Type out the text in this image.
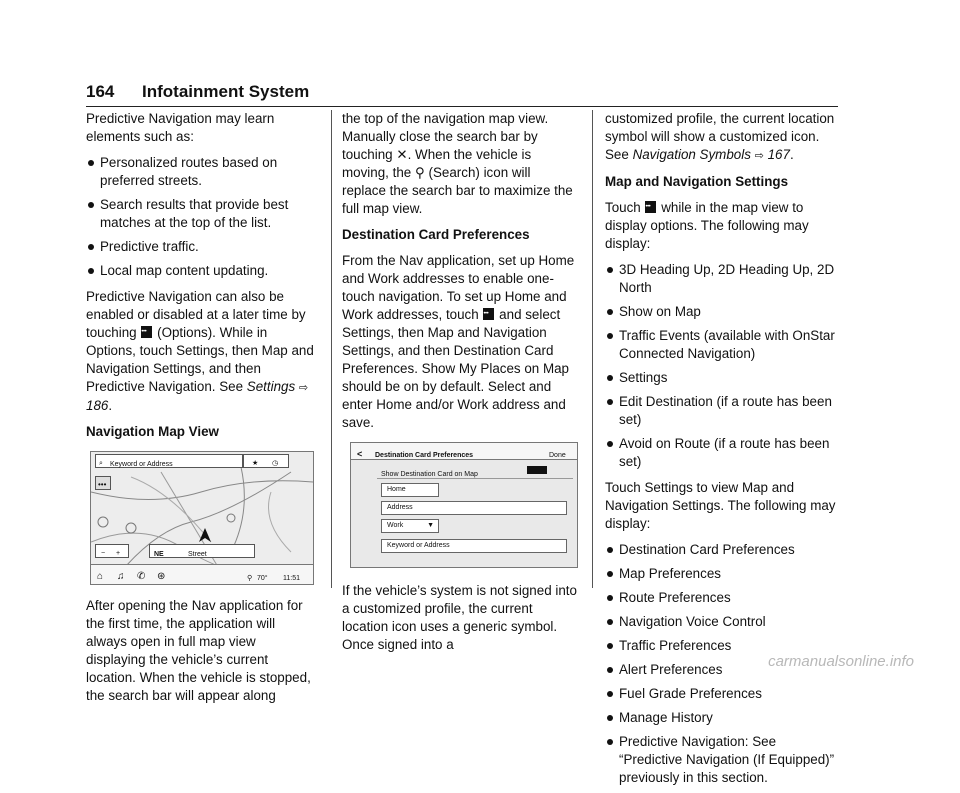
164 Infotainment System

Predictive Navigation may learn elements such as:

Personalized routes based on preferred streets.
Search results that provide best matches at the top of the list.
Predictive traffic.
Local map content updating.

Predictive Navigation can also be enabled or disabled at a later time by touching ••• (Options). While in Options, touch Settings, then Map and Navigation Settings, and then Predictive Navigation. See Settings ⇨ 186.

Navigation Map View

⌕ Keyword or Address	★ ◷
•••
− +	NE	Street
⌂ ♫ ✆ ⊛	⚲ 70° 11:51

After opening the Nav application for the first time, the application will always open in full map view displaying the vehicle’s current location. When the vehicle is stopped, the search bar will appear along

the top of the navigation map view. Manually close the search bar by touching ✕. When the vehicle is moving, the ⚲ (Search) icon will replace the search bar to maximize the full map view.

Destination Card Preferences

From the Nav application, set up Home and Work addresses to enable one-touch navigation. To set up Home and Work addresses, touch ••• and select Settings, then Map and Navigation Settings, and then Destination Card Preferences. Show My Places on Map should be on by default. Select and enter Home and/or Work address and save.

< Destination Card Preferences	Done
Show Destination Card on Map
Home
Address
Work	▼
Keyword or Address

If the vehicle’s system is not signed into a customized profile, the current location icon uses a generic symbol. Once signed into a

customized profile, the current location symbol will show a customized icon. See Navigation Symbols ⇨ 167.

Map and Navigation Settings

Touch ••• while in the map view to display options. The following may display:

3D Heading Up, 2D Heading Up, 2D North
Show on Map
Traffic Events (available with OnStar Connected Navigation)
Settings
Edit Destination (if a route has been set)
Avoid on Route (if a route has been set)

Touch Settings to view Map and Navigation Settings. The following may display:

Destination Card Preferences
Map Preferences
Route Preferences
Navigation Voice Control
Traffic Preferences
Alert Preferences
Fuel Grade Preferences
Manage History
Predictive Navigation: See “Predictive Navigation (If Equipped)” previously in this section.
carmanualsonline.info
